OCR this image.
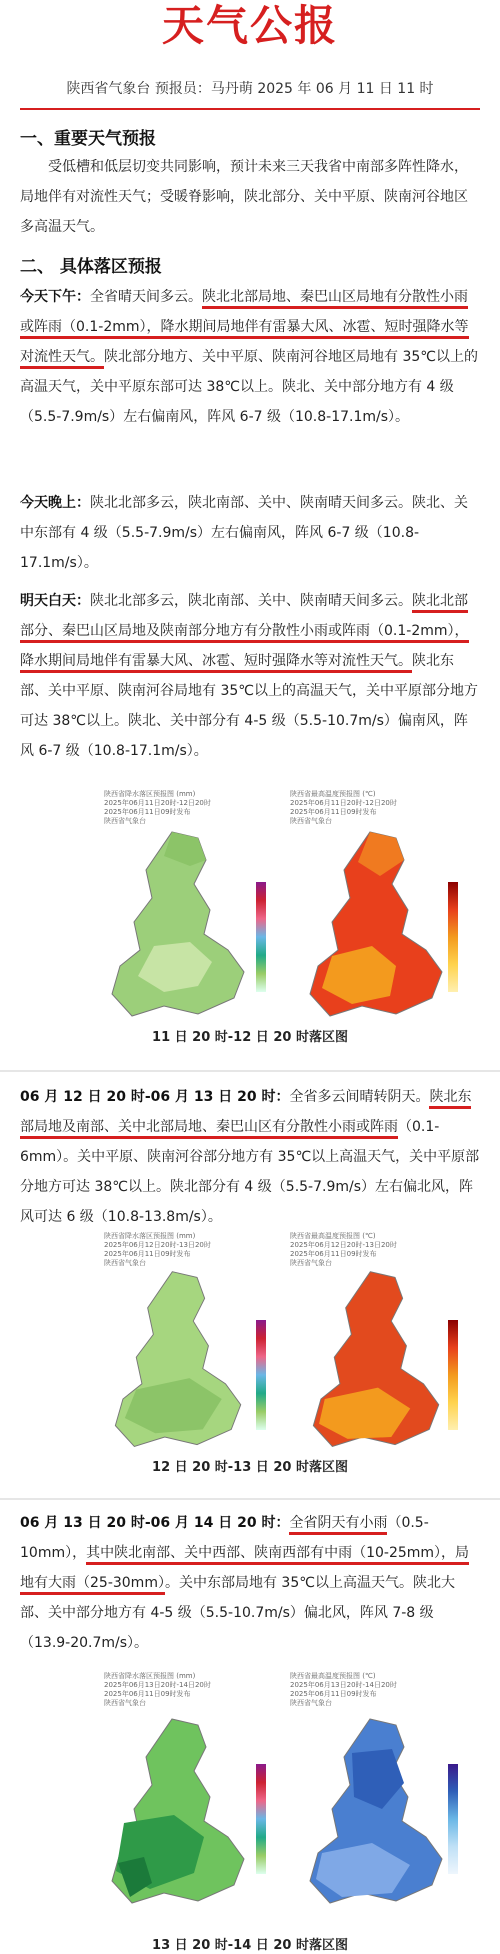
天气公报
陕西省气象台 预报员：马丹萌 2025 年 06 月 11 日 11 时
一、重要天气预报
受低槽和低层切变共同影响，预计未来三天我省中南部多阵性降水，局地伴有对流性天气；受暖脊影响，陕北部分、关中平原、陕南河谷地区多高温天气。
二、 具体落区预报
今天下午：全省晴天间多云。陕北北部局地、秦巴山区局地有分散性小雨或阵雨（0.1-2mm），降水期间局地伴有雷暴大风、冰雹、短时强降水等对流性天气。陕北部分地方、关中平原、陕南河谷地区局地有 35℃以上的高温天气，关中平原东部可达 38℃以上。陕北、关中部分地方有 4 级（5.5-7.9m/s）左右偏南风，阵风 6-7 级（10.8-17.1m/s）。
今天晚上：陕北北部多云，陕北南部、关中、陕南晴天间多云。陕北、关中东部有 4 级（5.5-7.9m/s）左右偏南风，阵风 6-7 级（10.8-17.1m/s）。
明天白天：陕北北部多云，陕北南部、关中、陕南晴天间多云。陕北北部部分、秦巴山区局地及陕南部分地方有分散性小雨或阵雨（0.1-2mm），降水期间局地伴有雷暴大风、冰雹、短时强降水等对流性天气。陕北东部、关中平原、陕南河谷局地有 35℃以上的高温天气，关中平原部分地方可达 38℃以上。陕北、关中部分有 4-5 级（5.5-10.7m/s）偏南风，阵风 6-7 级（10.8-17.1m/s）。
陕西省降水落区预报图 (mm)
2025年06月11日20时-12日20时
2025年06月11日09时发布
陕西省气象台
陕西省最高温度预报图 (℃)
2025年06月11日20时-12日20时
2025年06月11日09时发布
陕西省气象台
11 日 20 时-12 日 20 时落区图
06 月 12 日 20 时-06 月 13 日 20 时：全省多云间晴转阴天。陕北东部局地及南部、关中北部局地、秦巴山区有分散性小雨或阵雨（0.1-6mm）。关中平原、陕南河谷部分地方有 35℃以上高温天气，关中平原部分地方可达 38℃以上。陕北部分有 4 级（5.5-7.9m/s）左右偏北风，阵风可达 6 级（10.8-13.8m/s）。
陕西省降水落区预报图 (mm)
2025年06月12日20时-13日20时
2025年06月11日09时发布
陕西省气象台
陕西省最高温度预报图 (℃)
2025年06月12日20时-13日20时
2025年06月11日09时发布
陕西省气象台
12 日 20 时-13 日 20 时落区图
06 月 13 日 20 时-06 月 14 日 20 时：全省阴天有小雨（0.5-10mm），其中陕北南部、关中西部、陕南西部有中雨（10-25mm），局地有大雨（25-30mm）。关中东部局地有 35℃以上高温天气。陕北大部、关中部分地方有 4-5 级（5.5-10.7m/s）偏北风，阵风 7-8 级（13.9-20.7m/s）。
陕西省降水落区预报图 (mm)
2025年06月13日20时-14日20时
2025年06月11日09时发布
陕西省气象台
陕西省最高温度预报图 (℃)
2025年06月13日20时-14日20时
2025年06月11日09时发布
陕西省气象台
13 日 20 时-14 日 20 时落区图
